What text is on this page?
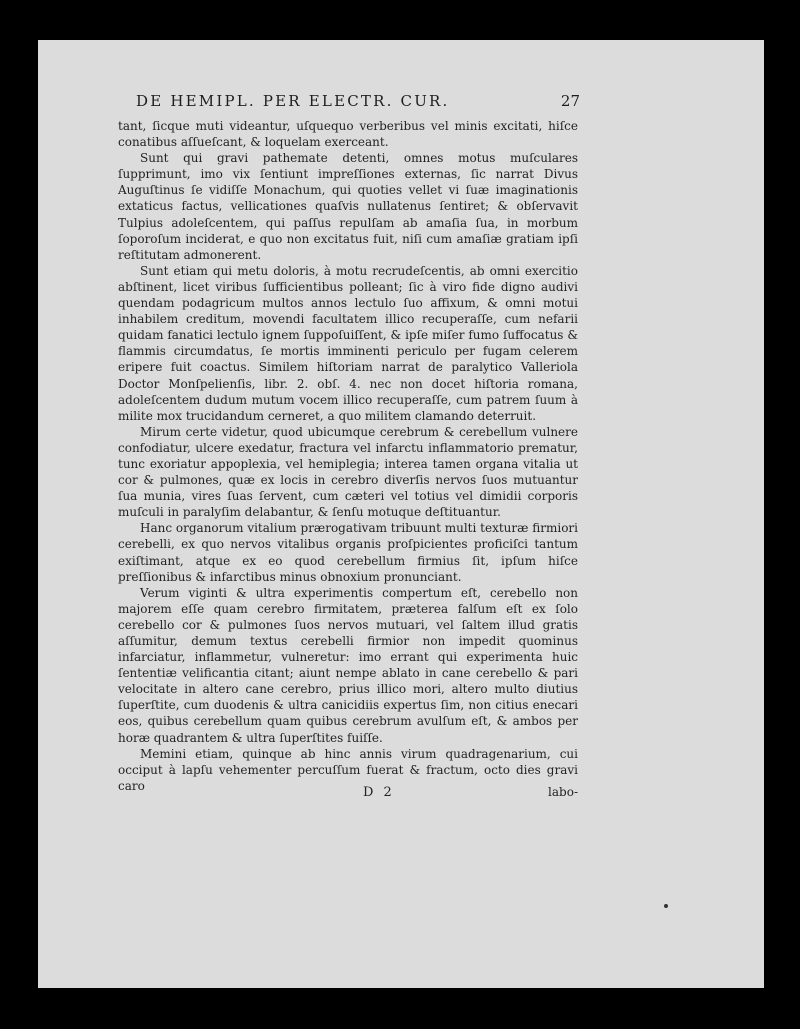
DE HEMIPL. PER ELECTR. CUR.	27

tant, ſicque muti videantur, uſquequo verberibus vel minis excitati, hiſce conatibus aſſueſcant, & loquelam exerceant.

Sunt qui gravi pathemate detenti, omnes motus muſculares ſupprimunt, imo vix ſentiunt impreſſiones externas, ſic narrat Divus Auguſtinus ſe vidiſſe Monachum, qui quoties vellet vi ſuæ imaginationis extaticus factus, vellicationes quaſvis nullatenus ſentiret; & obſervavit Tulpius adoleſcentem, qui paſſus repulſam ab amaſia ſua, in morbum ſoporoſum inciderat, e quo non excitatus fuit, niſi cum amaſiæ gratiam ipſi reſtitutam admonerent.

Sunt etiam qui metu doloris, à motu recrudeſcentis, ab omni exercitio abſtinent, licet viribus ſufficientibus polleant; ſic à viro fide digno audivi quendam podagricum multos annos lectulo ſuo affixum, & omni motui inhabilem creditum, movendi facultatem illico recuperaſſe, cum nefarii quidam fanatici lectulo ignem ſuppoſuiſſent, & ipſe miſer fumo ſuffocatus & flammis circumdatus, ſe mortis imminenti periculo per fugam celerem eripere fuit coactus. Similem hiſtoriam narrat de paralytico Valleriola Doctor Monſpelienſis, libr. 2. obſ. 4. nec non docet hiſtoria romana, adoleſcentem dudum mutum vocem illico recuperaſſe, cum patrem ſuum à milite mox trucidandum cerneret, a quo militem clamando deterruit.

Mirum certe videtur, quod ubicumque cerebrum & cerebellum vulnere confodiatur, ulcere exedatur, fractura vel infarctu inflammatorio prematur, tunc exoriatur appoplexia, vel hemiplegia; interea tamen organa vitalia ut cor & pulmones, quæ ex locis in cerebro diverſis nervos ſuos mutuantur ſua munia, vires ſuas ſervent, cum cæteri vel totius vel dimidii corporis muſculi in paralyſim delabantur, & ſenſu motuque deſtituantur.

Hanc organorum vitalium prærogativam tribuunt multi texturæ firmiori cerebelli, ex quo nervos vitalibus organis proſpicientes proficiſci tantum exiſtimant, atque ex eo quod cerebellum firmius ſit, ipſum hiſce preſſionibus & infarctibus minus obnoxium pronunciant.

Verum viginti & ultra experimentis compertum eſt, cerebello non majorem eſſe quam cerebro firmitatem, præterea falſum eſt ex ſolo cerebello cor & pulmones ſuos nervos mutuari, vel ſaltem illud gratis aſſumitur, demum textus cerebelli firmior non impedit quominus infarciatur, inflammetur, vulneretur: imo errant qui experimenta huic ſententiæ velificantia citant; aiunt nempe ablato in cane cerebello & pari velocitate in altero cane cerebro, prius illico mori, altero multo diutius ſuperſtite, cum duodenis & ultra canicidiis expertus ſim, non citius enecari eos, quibus cerebellum quam quibus cerebrum avulſum eſt, & ambos per horæ quadrantem & ultra ſuperſtites fuiſſe.

Memini etiam, quinque ab hinc annis virum quadragenarium, cui occiput à lapſu vehementer percuſſum fuerat & fractum, octo dies gravi caro	D 2	labo-
